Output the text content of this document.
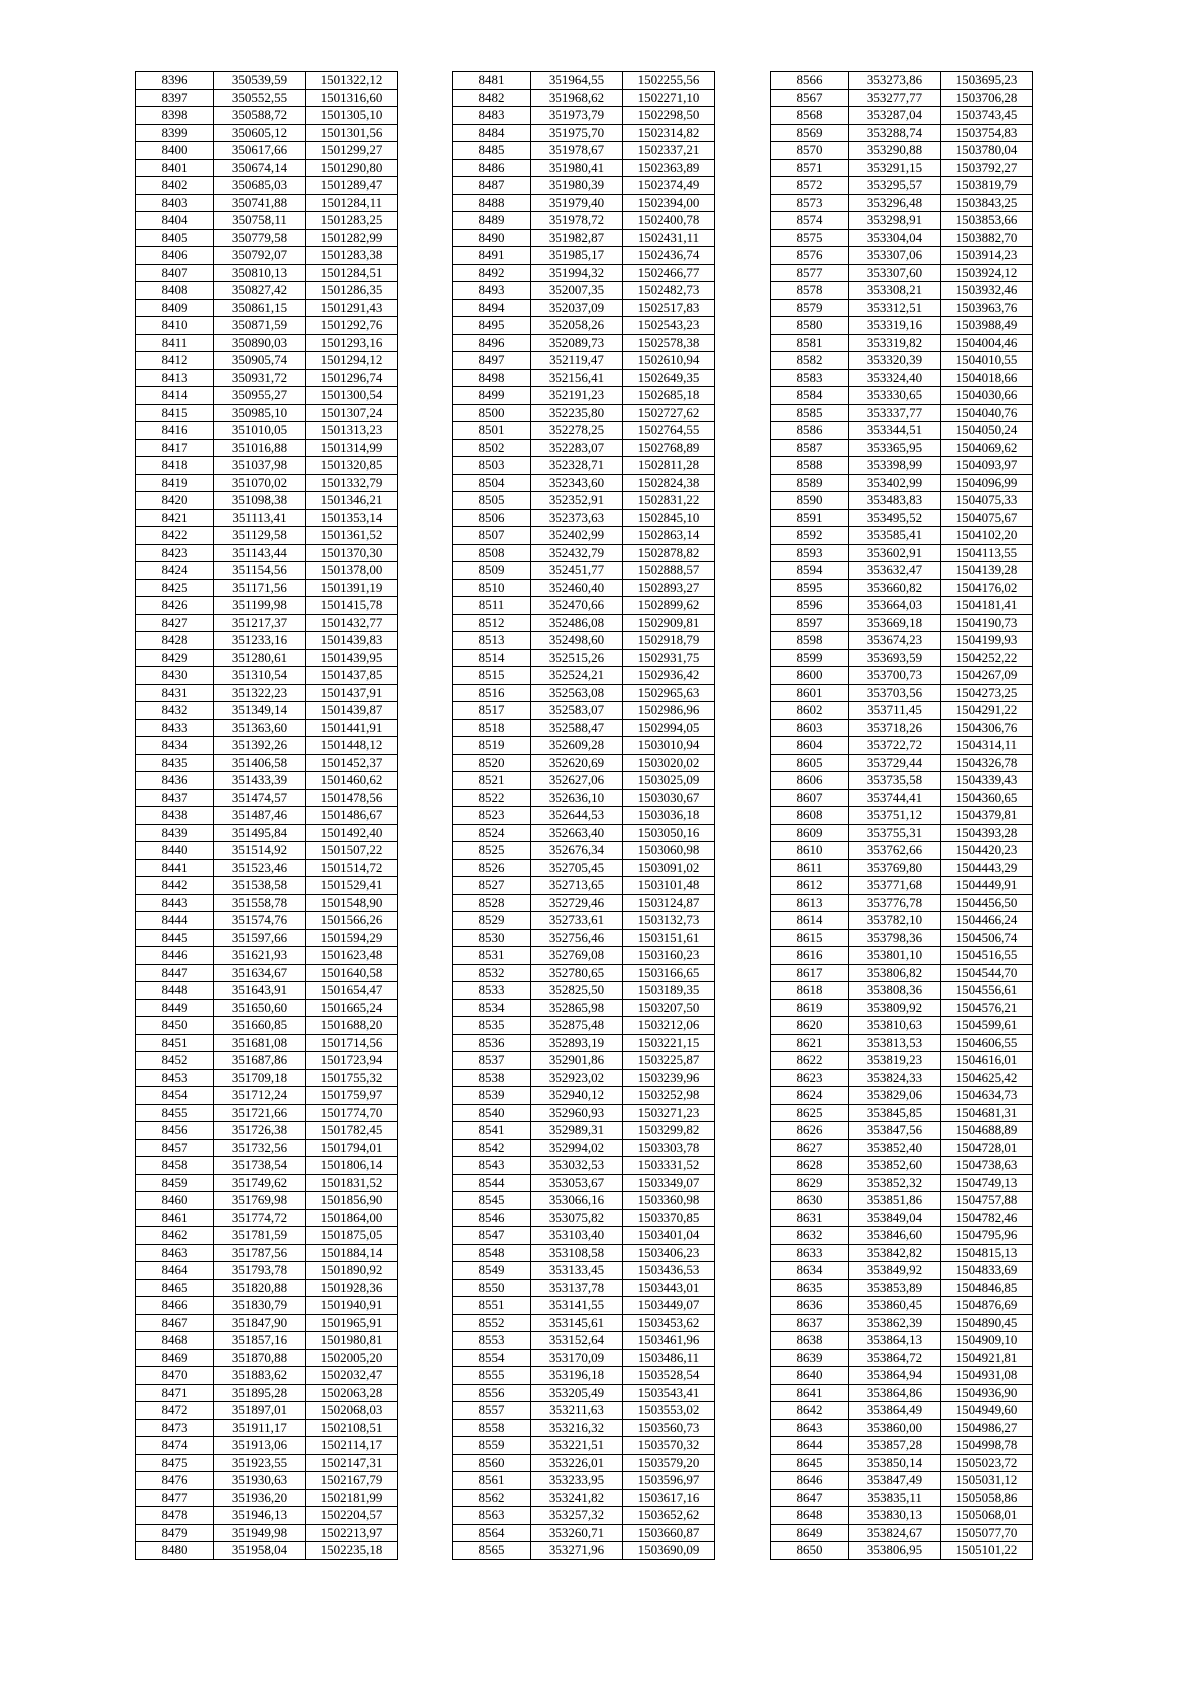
8396	350539,59	1501322,12
8397	350552,55	1501316,60
8398	350588,72	1501305,10
8399	350605,12	1501301,56
8400	350617,66	1501299,27
8401	350674,14	1501290,80
8402	350685,03	1501289,47
8403	350741,88	1501284,11
8404	350758,11	1501283,25
8405	350779,58	1501282,99
8406	350792,07	1501283,38
8407	350810,13	1501284,51
8408	350827,42	1501286,35
8409	350861,15	1501291,43
8410	350871,59	1501292,76
8411	350890,03	1501293,16
8412	350905,74	1501294,12
8413	350931,72	1501296,74
8414	350955,27	1501300,54
8415	350985,10	1501307,24
8416	351010,05	1501313,23
8417	351016,88	1501314,99
8418	351037,98	1501320,85
8419	351070,02	1501332,79
8420	351098,38	1501346,21
8421	351113,41	1501353,14
8422	351129,58	1501361,52
8423	351143,44	1501370,30
8424	351154,56	1501378,00
8425	351171,56	1501391,19
8426	351199,98	1501415,78
8427	351217,37	1501432,77
8428	351233,16	1501439,83
8429	351280,61	1501439,95
8430	351310,54	1501437,85
8431	351322,23	1501437,91
8432	351349,14	1501439,87
8433	351363,60	1501441,91
8434	351392,26	1501448,12
8435	351406,58	1501452,37
8436	351433,39	1501460,62
8437	351474,57	1501478,56
8438	351487,46	1501486,67
8439	351495,84	1501492,40
8440	351514,92	1501507,22
8441	351523,46	1501514,72
8442	351538,58	1501529,41
8443	351558,78	1501548,90
8444	351574,76	1501566,26
8445	351597,66	1501594,29
8446	351621,93	1501623,48
8447	351634,67	1501640,58
8448	351643,91	1501654,47
8449	351650,60	1501665,24
8450	351660,85	1501688,20
8451	351681,08	1501714,56
8452	351687,86	1501723,94
8453	351709,18	1501755,32
8454	351712,24	1501759,97
8455	351721,66	1501774,70
8456	351726,38	1501782,45
8457	351732,56	1501794,01
8458	351738,54	1501806,14
8459	351749,62	1501831,52
8460	351769,98	1501856,90
8461	351774,72	1501864,00
8462	351781,59	1501875,05
8463	351787,56	1501884,14
8464	351793,78	1501890,92
8465	351820,88	1501928,36
8466	351830,79	1501940,91
8467	351847,90	1501965,91
8468	351857,16	1501980,81
8469	351870,88	1502005,20
8470	351883,62	1502032,47
8471	351895,28	1502063,28
8472	351897,01	1502068,03
8473	351911,17	1502108,51
8474	351913,06	1502114,17
8475	351923,55	1502147,31
8476	351930,63	1502167,79
8477	351936,20	1502181,99
8478	351946,13	1502204,57
8479	351949,98	1502213,97
8480	351958,04	1502235,18
8481	351964,55	1502255,56
8482	351968,62	1502271,10
8483	351973,79	1502298,50
8484	351975,70	1502314,82
8485	351978,67	1502337,21
8486	351980,41	1502363,89
8487	351980,39	1502374,49
8488	351979,40	1502394,00
8489	351978,72	1502400,78
8490	351982,87	1502431,11
8491	351985,17	1502436,74
8492	351994,32	1502466,77
8493	352007,35	1502482,73
8494	352037,09	1502517,83
8495	352058,26	1502543,23
8496	352089,73	1502578,38
8497	352119,47	1502610,94
8498	352156,41	1502649,35
8499	352191,23	1502685,18
8500	352235,80	1502727,62
8501	352278,25	1502764,55
8502	352283,07	1502768,89
8503	352328,71	1502811,28
8504	352343,60	1502824,38
8505	352352,91	1502831,22
8506	352373,63	1502845,10
8507	352402,99	1502863,14
8508	352432,79	1502878,82
8509	352451,77	1502888,57
8510	352460,40	1502893,27
8511	352470,66	1502899,62
8512	352486,08	1502909,81
8513	352498,60	1502918,79
8514	352515,26	1502931,75
8515	352524,21	1502936,42
8516	352563,08	1502965,63
8517	352583,07	1502986,96
8518	352588,47	1502994,05
8519	352609,28	1503010,94
8520	352620,69	1503020,02
8521	352627,06	1503025,09
8522	352636,10	1503030,67
8523	352644,53	1503036,18
8524	352663,40	1503050,16
8525	352676,34	1503060,98
8526	352705,45	1503091,02
8527	352713,65	1503101,48
8528	352729,46	1503124,87
8529	352733,61	1503132,73
8530	352756,46	1503151,61
8531	352769,08	1503160,23
8532	352780,65	1503166,65
8533	352825,50	1503189,35
8534	352865,98	1503207,50
8535	352875,48	1503212,06
8536	352893,19	1503221,15
8537	352901,86	1503225,87
8538	352923,02	1503239,96
8539	352940,12	1503252,98
8540	352960,93	1503271,23
8541	352989,31	1503299,82
8542	352994,02	1503303,78
8543	353032,53	1503331,52
8544	353053,67	1503349,07
8545	353066,16	1503360,98
8546	353075,82	1503370,85
8547	353103,40	1503401,04
8548	353108,58	1503406,23
8549	353133,45	1503436,53
8550	353137,78	1503443,01
8551	353141,55	1503449,07
8552	353145,61	1503453,62
8553	353152,64	1503461,96
8554	353170,09	1503486,11
8555	353196,18	1503528,54
8556	353205,49	1503543,41
8557	353211,63	1503553,02
8558	353216,32	1503560,73
8559	353221,51	1503570,32
8560	353226,01	1503579,20
8561	353233,95	1503596,97
8562	353241,82	1503617,16
8563	353257,32	1503652,62
8564	353260,71	1503660,87
8565	353271,96	1503690,09
8566	353273,86	1503695,23
8567	353277,77	1503706,28
8568	353287,04	1503743,45
8569	353288,74	1503754,83
8570	353290,88	1503780,04
8571	353291,15	1503792,27
8572	353295,57	1503819,79
8573	353296,48	1503843,25
8574	353298,91	1503853,66
8575	353304,04	1503882,70
8576	353307,06	1503914,23
8577	353307,60	1503924,12
8578	353308,21	1503932,46
8579	353312,51	1503963,76
8580	353319,16	1503988,49
8581	353319,82	1504004,46
8582	353320,39	1504010,55
8583	353324,40	1504018,66
8584	353330,65	1504030,66
8585	353337,77	1504040,76
8586	353344,51	1504050,24
8587	353365,95	1504069,62
8588	353398,99	1504093,97
8589	353402,99	1504096,99
8590	353483,83	1504075,33
8591	353495,52	1504075,67
8592	353585,41	1504102,20
8593	353602,91	1504113,55
8594	353632,47	1504139,28
8595	353660,82	1504176,02
8596	353664,03	1504181,41
8597	353669,18	1504190,73
8598	353674,23	1504199,93
8599	353693,59	1504252,22
8600	353700,73	1504267,09
8601	353703,56	1504273,25
8602	353711,45	1504291,22
8603	353718,26	1504306,76
8604	353722,72	1504314,11
8605	353729,44	1504326,78
8606	353735,58	1504339,43
8607	353744,41	1504360,65
8608	353751,12	1504379,81
8609	353755,31	1504393,28
8610	353762,66	1504420,23
8611	353769,80	1504443,29
8612	353771,68	1504449,91
8613	353776,78	1504456,50
8614	353782,10	1504466,24
8615	353798,36	1504506,74
8616	353801,10	1504516,55
8617	353806,82	1504544,70
8618	353808,36	1504556,61
8619	353809,92	1504576,21
8620	353810,63	1504599,61
8621	353813,53	1504606,55
8622	353819,23	1504616,01
8623	353824,33	1504625,42
8624	353829,06	1504634,73
8625	353845,85	1504681,31
8626	353847,56	1504688,89
8627	353852,40	1504728,01
8628	353852,60	1504738,63
8629	353852,32	1504749,13
8630	353851,86	1504757,88
8631	353849,04	1504782,46
8632	353846,60	1504795,96
8633	353842,82	1504815,13
8634	353849,92	1504833,69
8635	353853,89	1504846,85
8636	353860,45	1504876,69
8637	353862,39	1504890,45
8638	353864,13	1504909,10
8639	353864,72	1504921,81
8640	353864,94	1504931,08
8641	353864,86	1504936,90
8642	353864,49	1504949,60
8643	353860,00	1504986,27
8644	353857,28	1504998,78
8645	353850,14	1505023,72
8646	353847,49	1505031,12
8647	353835,11	1505058,86
8648	353830,13	1505068,01
8649	353824,67	1505077,70
8650	353806,95	1505101,22
